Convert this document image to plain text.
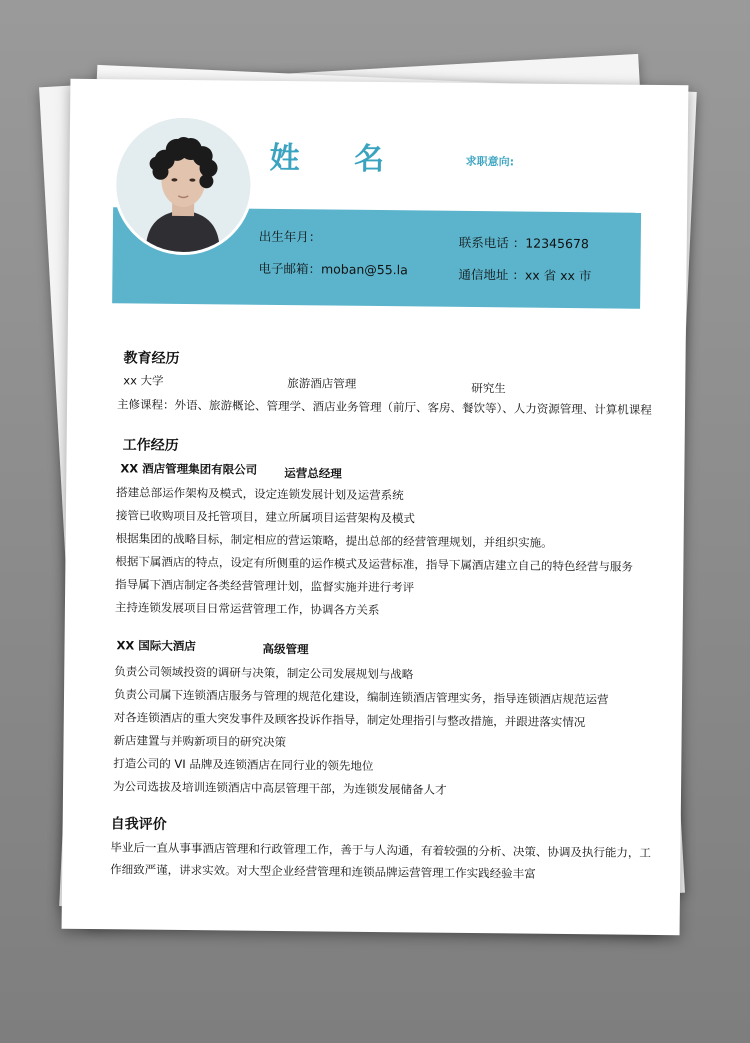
姓 名	求职意向:
出生年月：
电子邮箱：moban@55.la
联系电话 ：12345678
通信地址 ：xx 省 xx 市
教育经历
xx 大学	旅游酒店管理	研究生
主修课程：外语、旅游概论、管理学、酒店业务管理（前厅、客房、餐饮等）、人力资源管理、计算机课程
工作经历
XX 酒店管理集团有限公司 运营总经理
搭建总部运作架构及模式，设定连锁发展计划及运营系统
接管已收购项目及托管项目，建立所属项目运营架构及模式
根据集团的战略目标，制定相应的营运策略，提出总部的经营管理规划，并组织实施。
根据下属酒店的特点，设定有所侧重的运作模式及运营标准，指导下属酒店建立自己的特色经营与服务
指导属下酒店制定各类经营管理计划，监督实施并进行考评
主持连锁发展项目日常运营管理工作，协调各方关系
XX 国际大酒店	高级管理
负责公司领域投资的调研与决策，制定公司发展规划与战略
负责公司属下连锁酒店服务与管理的规范化建设，编制连锁酒店管理实务，指导连锁酒店规范运营
对各连锁酒店的重大突发事件及顾客投诉作指导，制定处理指引与整改措施，并跟进落实情况
新店建置与并购新项目的研究决策
打造公司的 VI 品牌及连锁酒店在同行业的领先地位
为公司选拔及培训连锁酒店中高层管理干部，为连锁发展储备人才
自我评价
毕业后一直从事事酒店管理和行政管理工作，善于与人沟通，有着较强的分析、决策、协调及执行能力，工
作细致严谨，讲求实效。对大型企业经营管理和连锁品牌运营管理工作实践经验丰富
